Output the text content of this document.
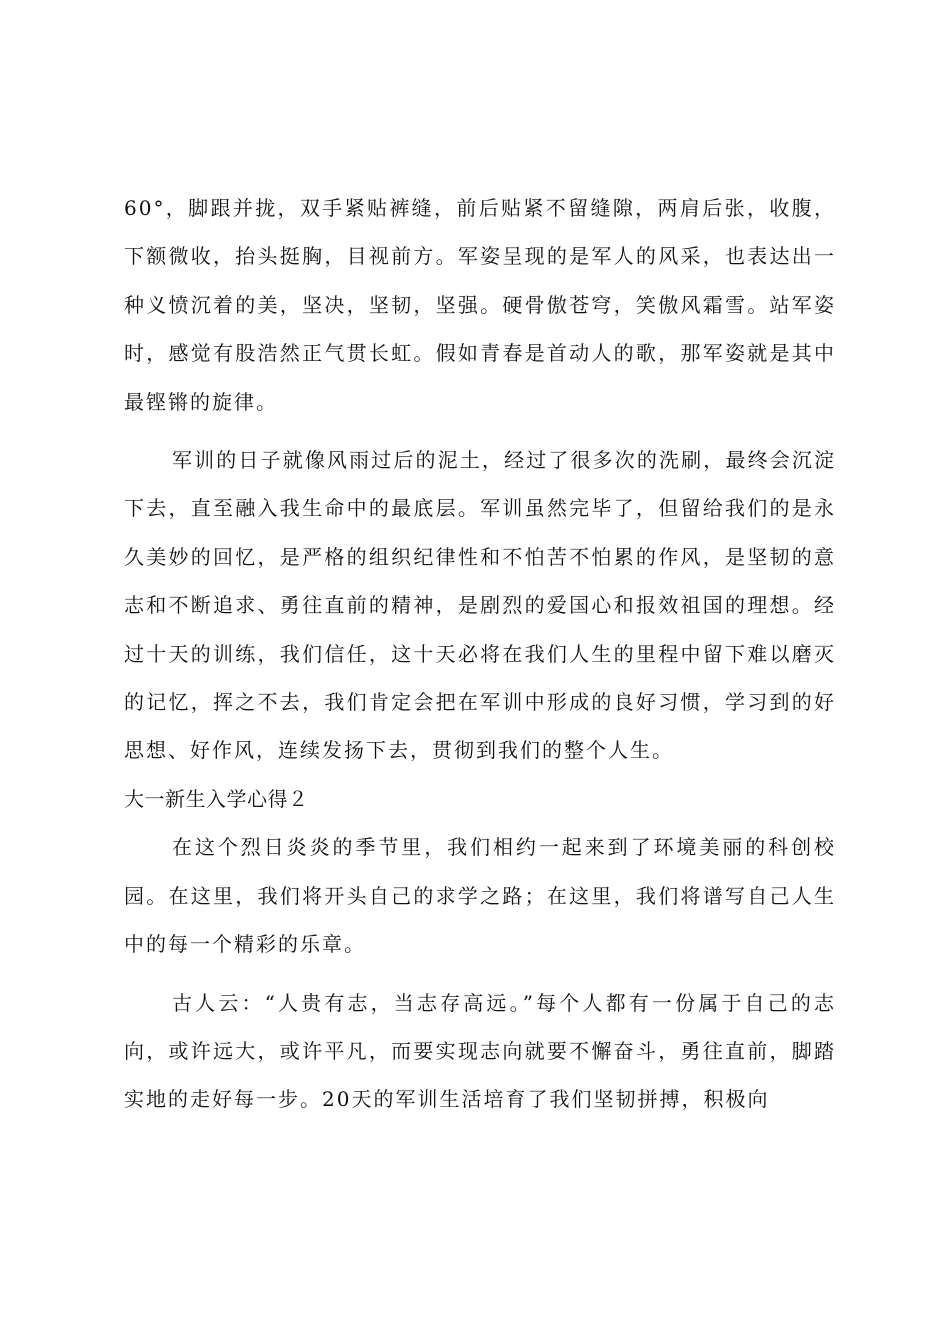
60°，脚跟并拢，双手紧贴裤缝，前后贴紧不留缝隙，两肩后张，收腹，下额微收，抬头挺胸，目视前方。军姿呈现的是军人的风采，也表达出一种义愤沉着的美，坚决，坚韧，坚强。硬骨傲苍穹，笑傲风霜雪。站军姿时，感觉有股浩然正气贯长虹。假如青春是首动人的歌，那军姿就是其中最铿锵的旋律。

军训的日子就像风雨过后的泥土，经过了很多次的洗刷，最终会沉淀下去，直至融入我生命中的最底层。军训虽然完毕了，但留给我们的是永久美妙的回忆，是严格的组织纪律性和不怕苦不怕累的作风，是坚韧的意志和不断追求、勇往直前的精神，是剧烈的爱国心和报效祖国的理想。经过十天的训练，我们信任，这十天必将在我们人生的里程中留下难以磨灭的记忆，挥之不去，我们肯定会把在军训中形成的良好习惯，学习到的好思想、好作风，连续发扬下去，贯彻到我们的整个人生。

大一新生入学心得２

在这个烈日炎炎的季节里，我们相约一起来到了环境美丽的科创校园。在这里，我们将开头自己的求学之路；在这里，我们将谱写自己人生中的每一个精彩的乐章。

古人云：“人贵有志，当志存高远。”每个人都有一份属于自己的志向，或许远大，或许平凡，而要实现志向就要不懈奋斗，勇往直前，脚踏实地的走好每一步。20天的军训生活培育了我们坚韧拼搏，积极向
